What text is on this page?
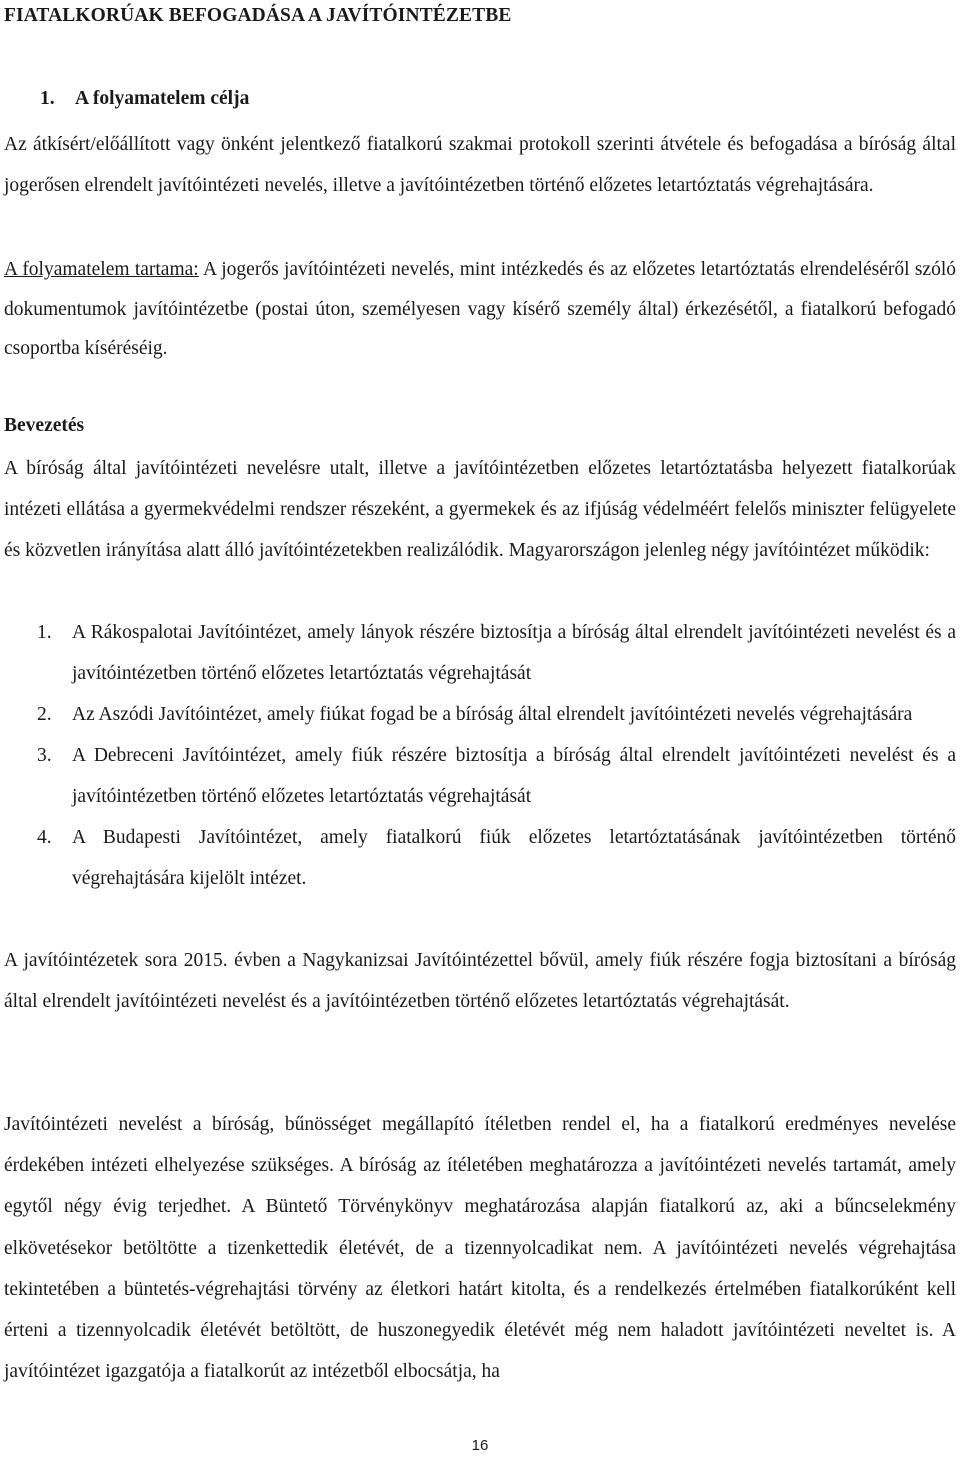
FIATALKORÚAK BEFOGADÁSA A JAVÍTÓINTÉZETBE
1. A folyamatelem célja
Az átkísért/előállított vagy önként jelentkező fiatalkorú szakmai protokoll szerinti átvétele és befogadása a bíróság által jogerősen elrendelt javítóintézeti nevelés, illetve a javítóintézetben történő előzetes letartóztatás végrehajtására.
A folyamatelem tartama: A jogerős javítóintézeti nevelés, mint intézkedés és az előzetes letartóztatás elrendeléséről szóló dokumentumok javítóintézetbe (postai úton, személyesen vagy kísérő személy által) érkezésétől, a fiatalkorú befogadó csoportba kíséréséig.
Bevezetés
A bíróság által javítóintézeti nevelésre utalt, illetve a javítóintézetben előzetes letartóztatásba helyezett fiatalkorúak intézeti ellátása a gyermekvédelmi rendszer részeként, a gyermekek és az ifjúság védelméért felelős miniszter felügyelete és közvetlen irányítása alatt álló javítóintézetekben realizálódik. Magyarországon jelenleg négy javítóintézet működik:
1. A Rákospalotai Javítóintézet, amely lányok részére biztosítja a bíróság által elrendelt javítóintézeti nevelést és a javítóintézetben történő előzetes letartóztatás végrehajtását
2. Az Aszódi Javítóintézet, amely fiúkat fogad be a bíróság által elrendelt javítóintézeti nevelés végrehajtására
3. A Debreceni Javítóintézet, amely fiúk részére biztosítja a bíróság által elrendelt javítóintézeti nevelést és a javítóintézetben történő előzetes letartóztatás végrehajtását
4. A Budapesti Javítóintézet, amely fiatalkorú fiúk előzetes letartóztatásának javítóintézetben történő végrehajtására kijelölt intézet.
A javítóintézetek sora 2015. évben a Nagykanizsai Javítóintézettel bővül, amely fiúk részére fogja biztosítani a bíróság által elrendelt javítóintézeti nevelést és a javítóintézetben történő előzetes letartóztatás végrehajtását.
Javítóintézeti nevelést a bíróság, bűnösséget megállapító ítéletben rendel el, ha a fiatalkorú eredményes nevelése érdekében intézeti elhelyezése szükséges. A bíróság az ítéletében meghatározza a javítóintézeti nevelés tartamát, amely egytől négy évig terjedhet. A Büntető Törvénykönyv meghatározása alapján fiatalkorú az, aki a bűncselekmény elkövetésekor betöltötte a tizenkettedik életévét, de a tizennyolcadikat nem. A javítóintézeti nevelés végrehajtása tekintetében a büntetés-végrehajtási törvény az életkori határt kitolta, és a rendelkezés értelmében fiatalkorúként kell érteni a tizennyolcadik életévét betöltött, de huszonegyedik életévét még nem haladott javítóintézeti neveltet is. A javítóintézet igazgatója a fiatalkorút az intézetből elbocsátja, ha
16
